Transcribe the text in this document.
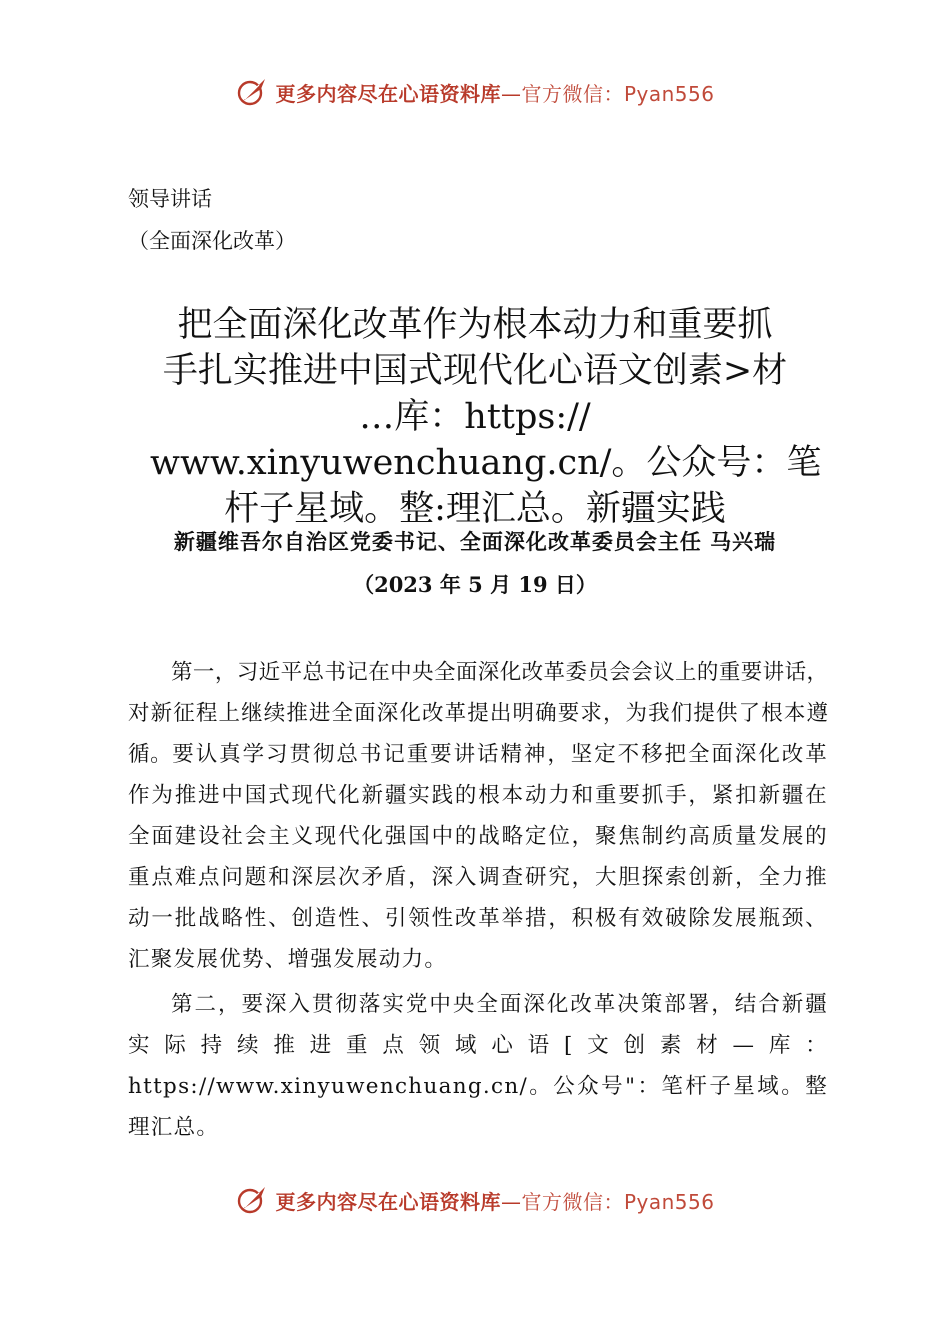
更多内容尽在心语资料库—官方微信：Pyan556
领导讲话
（全面深化改革）
把全面深化改革作为根本动力和重要抓
手扎实推进中国式现代化心语文创素>材
…库：https://
www.xinyuwenchuang.cn/。公众号：笔
杆子星域。整:理汇总。新疆实践
新疆维吾尔自治区党委书记、全面深化改革委员会主任 马兴瑞
（2023 年 5 月 19 日）

第一，习近平总书记在中央全面深化改革委员会会议上的重要讲话，对新征程上继续推进全面深化改革提出明确要求，为我们提供了根本遵循。要认真学习贯彻总书记重要讲话精神，坚定不移把全面深化改革作为推进中国式现代化新疆实践的根本动力和重要抓手，紧扣新疆在全面建设社会主义现代化强国中的战略定位，聚焦制约高质量发展的重点难点问题和深层次矛盾，深入调查研究，大胆探索创新，全力推动一批战略性、创造性、引领性改革举措，积极有效破除发展瓶颈、汇聚发展优势、增强发展动力。

第二，要深入贯彻落实党中央全面深化改革决策部署，结合新疆实际持续推进重点领域心语[文创素材—库：https://www.xinyuwenchuang.cn/。公众号"：笔杆子星域。整理汇总。

更多内容尽在心语资料库—官方微信：Pyan556
